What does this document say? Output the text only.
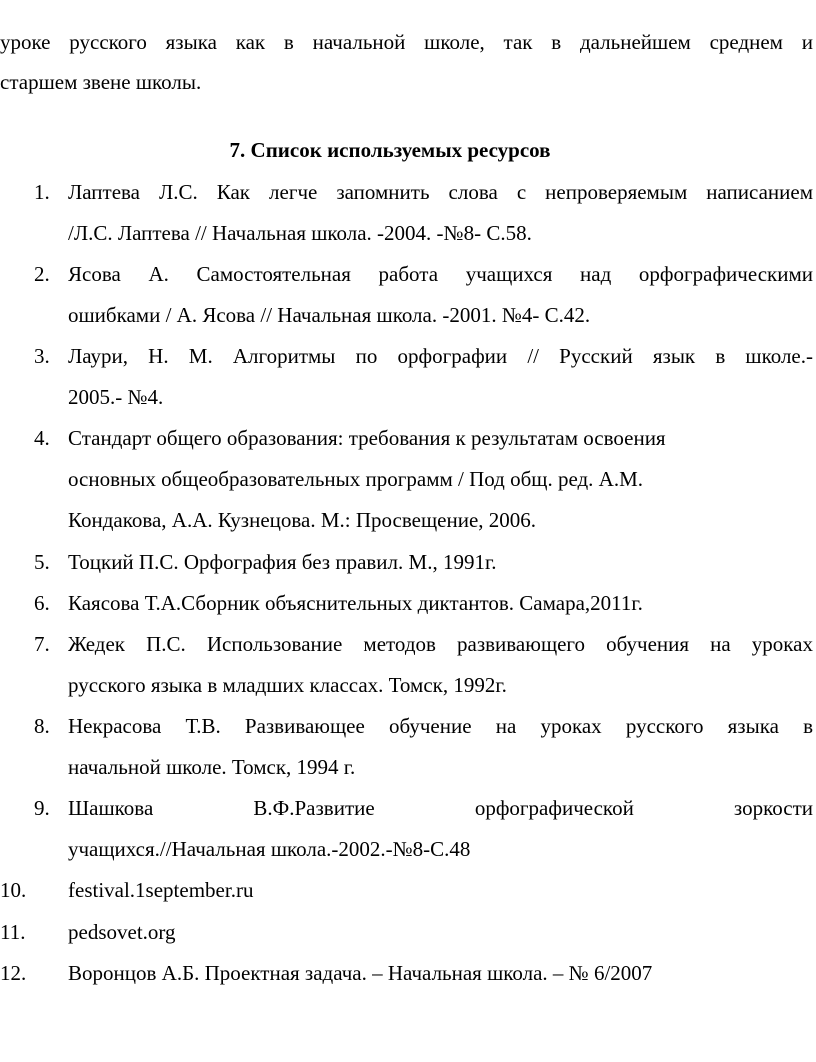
уроке русского языка как в начальной школе, так в дальнейшем среднем и
старшем звене школы.
7. Список используемых ресурсов
1. Лаптева Л.С. Как легче запомнить слова с непроверяемым написанием
/Л.С. Лаптева // Начальная школа. -2004. -№8- С.58.
2. Ясова А. Самостоятельная работа учащихся над орфографическими
ошибками / А. Ясова // Начальная школа. -2001. №4- С.42.
3. Лаури, Н. М. Алгоритмы по орфографии // Русский язык в школе.-
2005.- №4.
4. Стандарт общего образования: требования к результатам освоения
основных общеобразовательных программ / Под общ. ред. А.М.
Кондакова, А.А. Кузнецова. М.: Просвещение, 2006.
5. Тоцкий П.С. Орфография без правил. М., 1991г.
6. Каясова Т.А.Сборник объяснительных диктантов. Самара,2011г.
7. Жедек П.С. Использование методов развивающего обучения на уроках
русского языка в младших классах. Томск, 1992г.
8. Некрасова Т.В. Развивающее обучение на уроках русского языка в
начальной школе. Томск, 1994 г.
9. Шашкова В.Ф.Развитие орфографической зоркости
учащихся.//Начальная школа.-2002.-№8-С.48
10. festival.1september.ru
11. pedsovet.org
12. Воронцов А.Б. Проектная задача. – Начальная школа. – № 6/2007
